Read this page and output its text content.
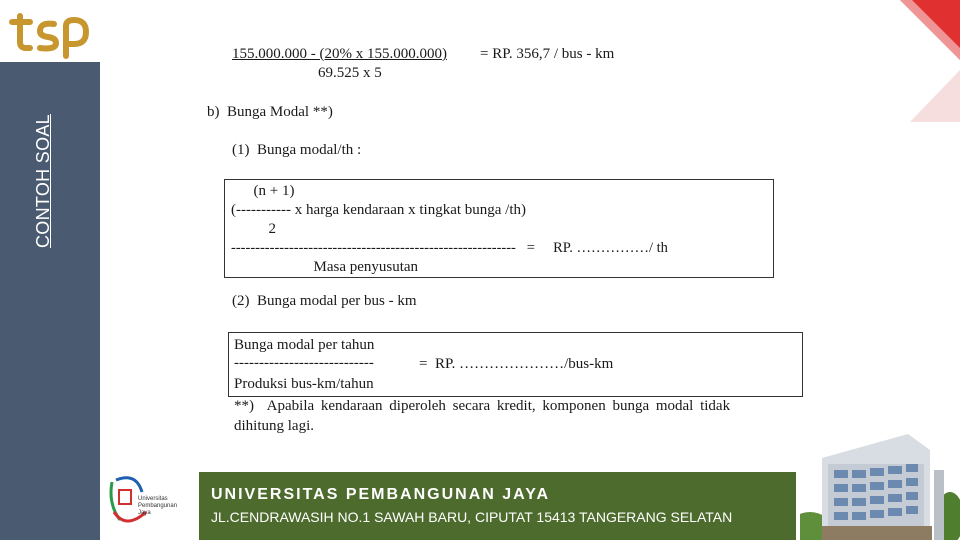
CONTOH SOAL
155.000.000 - (20% x 155.000.000) = RP. 356,7 / bus - km
69.525 x 5
b)  Bunga Modal **)
(1)  Bunga modal/th :
(n + 1)
(----------- x harga kendaraan x tingkat bunga /th)
2
-----------------------------------------------------------   =     RP. ……………/ th
Masa penyusutan
(2)  Bunga modal per bus - km
Bunga modal per tahun
----------------------------	=  RP. …………………/bus-km
Produksi bus-km/tahun
**)  Apabila kendaraan diperoleh secara kredit, komponen bunga modal tidak
dihitung lagi.
Universitas Pembangunan Jaya
UNIVERSITAS PEMBANGUNAN JAYA
JL.CENDRAWASIH NO.1 SAWAH BARU, CIPUTAT 15413 TANGERANG SELATAN
